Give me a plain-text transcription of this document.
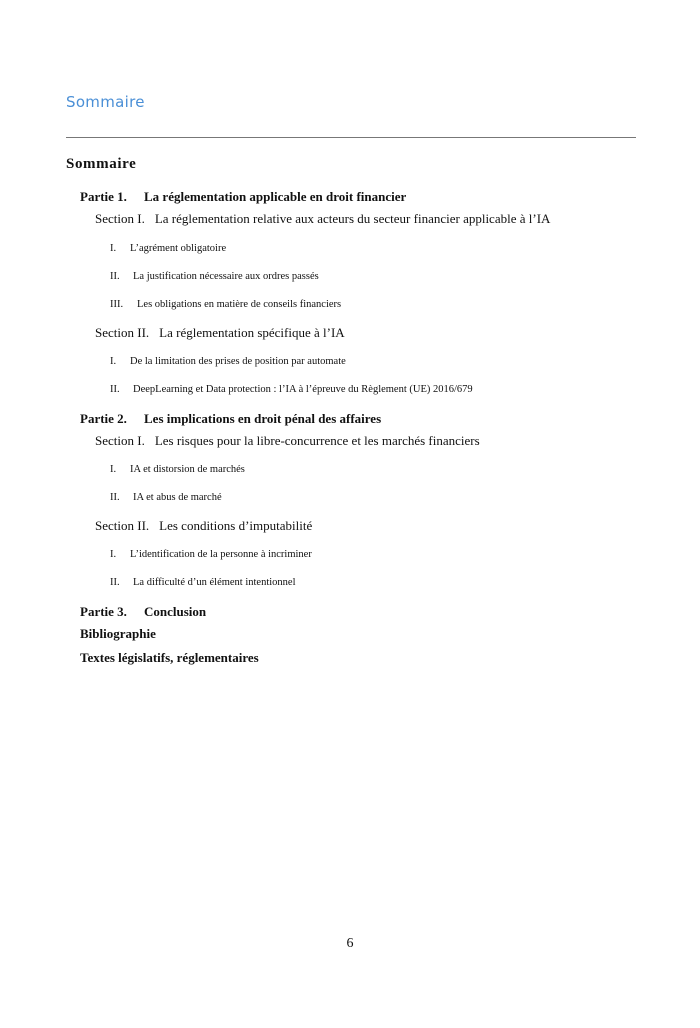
Sommaire
Sommaire
Partie 1. La réglementation applicable en droit financier
Section I. La réglementation relative aux acteurs du secteur financier applicable à l’IA
I. L’agrément obligatoire
II. La justification nécessaire aux ordres passés
III. Les obligations en matière de conseils financiers
Section II. La réglementation spécifique à l’IA
I. De la limitation des prises de position par automate
II. DeepLearning et Data protection : l’IA à l’épreuve du Règlement (UE) 2016/679
Partie 2. Les implications en droit pénal des affaires
Section I. Les risques pour la libre-concurrence et les marchés financiers
I. IA et distorsion de marchés
II. IA et abus de marché
Section II. Les conditions d’imputabilité
I. L’identification de la personne à incriminer
II. La difficulté d’un élément intentionnel
Partie 3. Conclusion
Bibliographie
Textes législatifs, réglementaires
6
